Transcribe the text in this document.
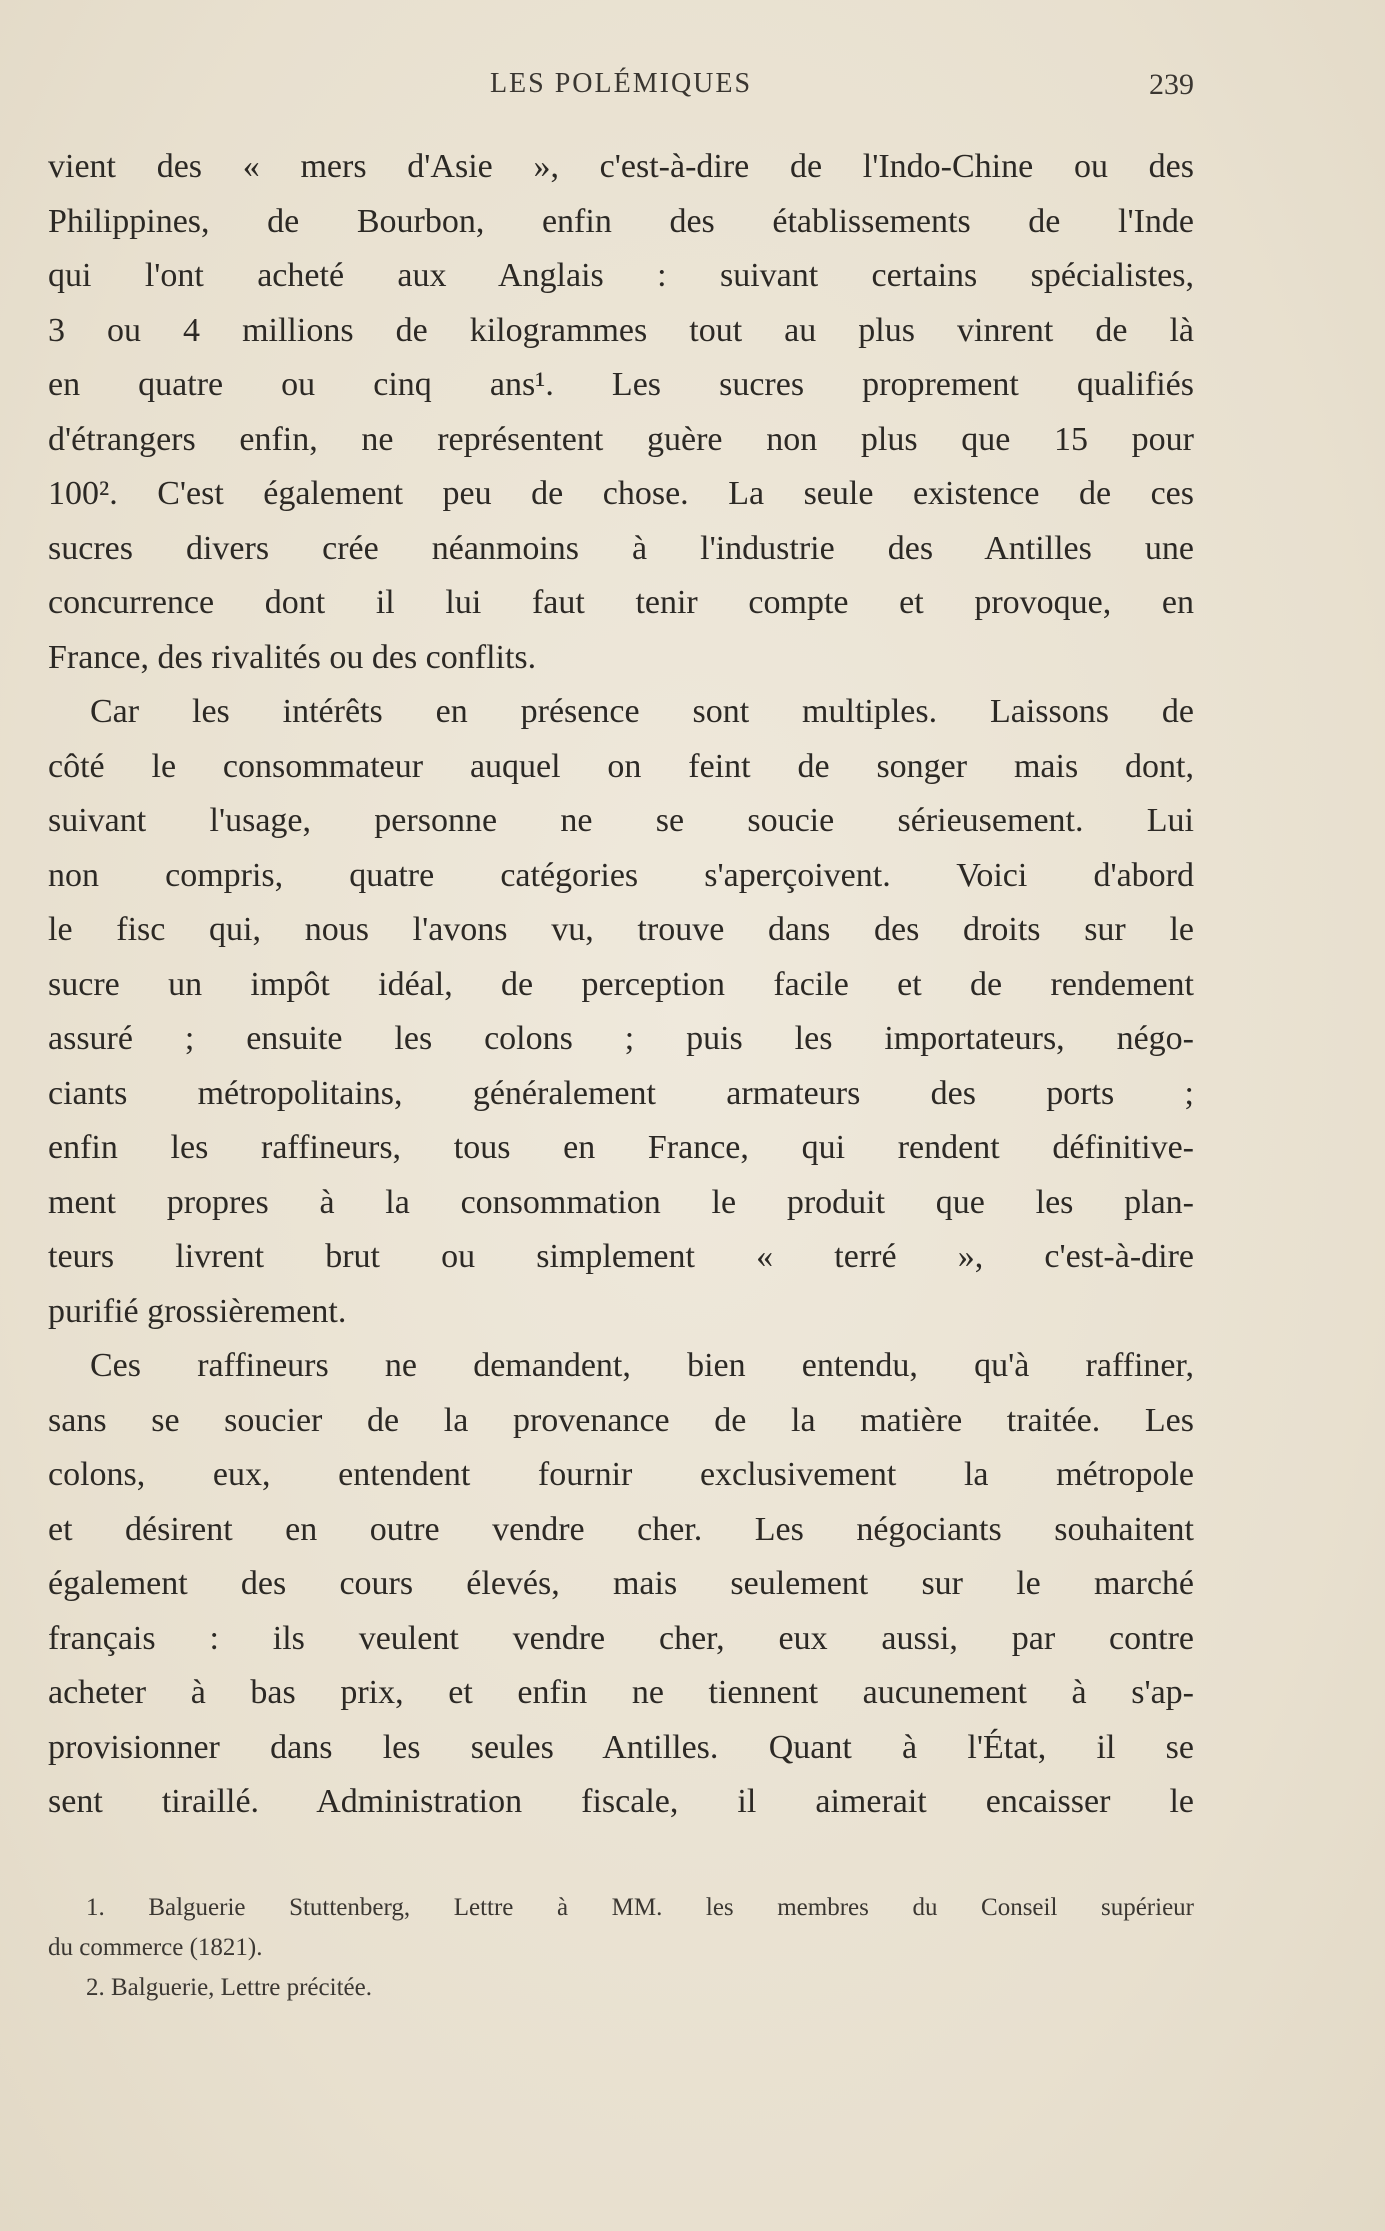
LES POLÉMIQUES	239
vient des « mers d'Asie », c'est-à-dire de l'Indo-Chine ou des
Philippines, de Bourbon, enfin des établissements de l'Inde
qui l'ont acheté aux Anglais : suivant certains spécialistes,
3 ou 4 millions de kilogrammes tout au plus vinrent de là
en quatre ou cinq ans¹. Les sucres proprement qualifiés
d'étrangers enfin, ne représentent guère non plus que 15 pour
100². C'est également peu de chose. La seule existence de ces
sucres divers crée néanmoins à l'industrie des Antilles une
concurrence dont il lui faut tenir compte et provoque, en
France, des rivalités ou des conflits.
Car les intérêts en présence sont multiples. Laissons de
côté le consommateur auquel on feint de songer mais dont,
suivant l'usage, personne ne se soucie sérieusement. Lui
non compris, quatre catégories s'aperçoivent. Voici d'abord
le fisc qui, nous l'avons vu, trouve dans des droits sur le
sucre un impôt idéal, de perception facile et de rendement
assuré ; ensuite les colons ; puis les importateurs, négo-
ciants métropolitains, généralement armateurs des ports ;
enfin les raffineurs, tous en France, qui rendent définitive-
ment propres à la consommation le produit que les plan-
teurs livrent brut ou simplement « terré », c'est-à-dire
purifié grossièrement.
Ces raffineurs ne demandent, bien entendu, qu'à raffiner,
sans se soucier de la provenance de la matière traitée. Les
colons, eux, entendent fournir exclusivement la métropole
et désirent en outre vendre cher. Les négociants souhaitent
également des cours élevés, mais seulement sur le marché
français : ils veulent vendre cher, eux aussi, par contre
acheter à bas prix, et enfin ne tiennent aucunement à s'ap-
provisionner dans les seules Antilles. Quant à l'État, il se
sent tiraillé. Administration fiscale, il aimerait encaisser le
1. Balguerie Stuttenberg, Lettre à MM. les membres du Conseil supérieur
du commerce (1821).
2. Balguerie, Lettre précitée.
